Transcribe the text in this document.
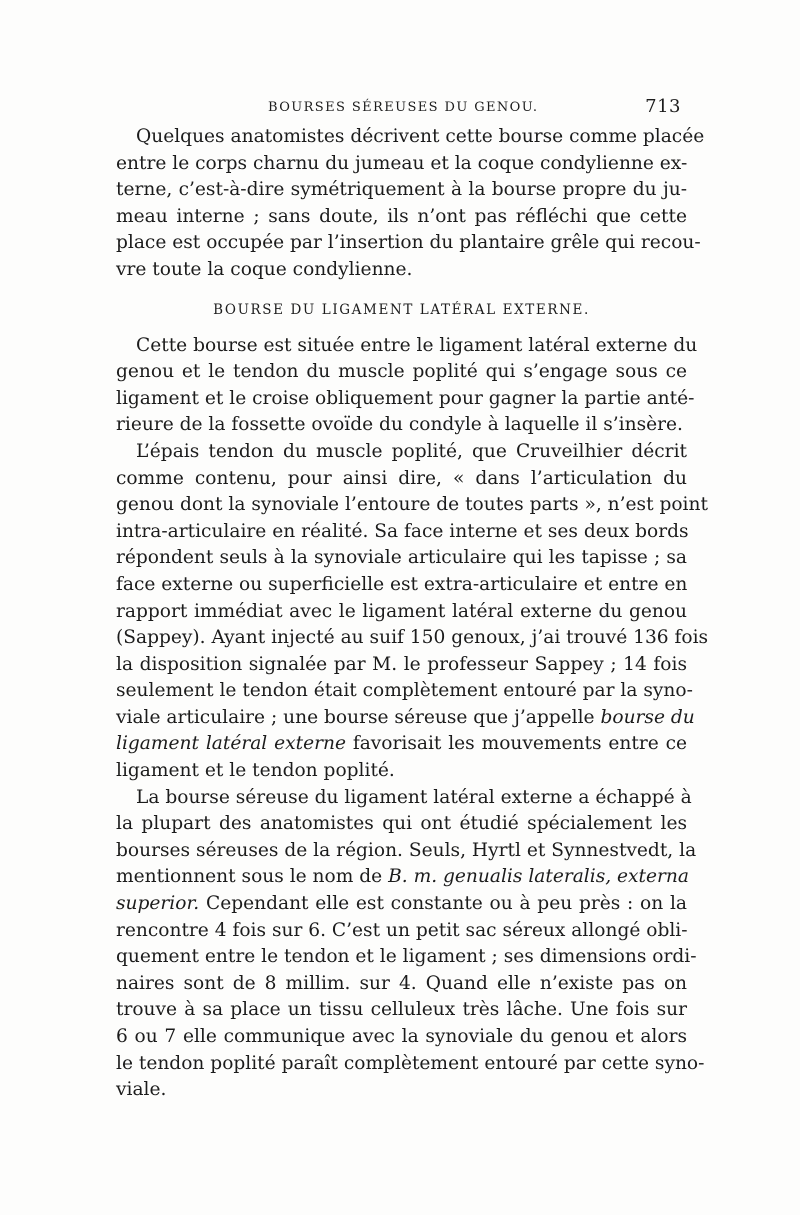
BOURSES SÉREUSES DU GENOU.	713

Quelques anatomistes décrivent cette bourse comme placée
entre le corps charnu du jumeau et la coque condylienne ex-
terne, c’est-à-dire symétriquement à la bourse propre du ju-
meau interne ; sans doute, ils n’ont pas réfléchi que cette
place est occupée par l’insertion du plantaire grêle qui recou-
vre toute la coque condylienne.

BOURSE DU LIGAMENT LATÉRAL EXTERNE.

Cette bourse est située entre le ligament latéral externe du
genou et le tendon du muscle poplité qui s’engage sous ce
ligament et le croise obliquement pour gagner la partie anté-
rieure de la fossette ovoïde du condyle à laquelle il s’insère.

L’épais tendon du muscle poplité, que Cruveilhier décrit
comme contenu, pour ainsi dire, « dans l’articulation du
genou dont la synoviale l’entoure de toutes parts », n’est point
intra-articulaire en réalité. Sa face interne et ses deux bords
répondent seuls à la synoviale articulaire qui les tapisse ; sa
face externe ou superficielle est extra-articulaire et entre en
rapport immédiat avec le ligament latéral externe du genou
(Sappey). Ayant injecté au suif 150 genoux, j’ai trouvé 136 fois
la disposition signalée par M. le professeur Sappey ; 14 fois
seulement le tendon était complètement entouré par la syno-
viale articulaire ; une bourse séreuse que j’appelle bourse du
ligament latéral externe favorisait les mouvements entre ce
ligament et le tendon poplité.

La bourse séreuse du ligament latéral externe a échappé à
la plupart des anatomistes qui ont étudié spécialement les
bourses séreuses de la région. Seuls, Hyrtl et Synnestvedt, la
mentionnent sous le nom de B. m. genualis lateralis, externa
superior. Cependant elle est constante ou à peu près : on la
rencontre 4 fois sur 6. C’est un petit sac séreux allongé obli-
quement entre le tendon et le ligament ; ses dimensions ordi-
naires sont de 8 millim. sur 4. Quand elle n’existe pas on
trouve à sa place un tissu celluleux très lâche. Une fois sur
6 ou 7 elle communique avec la synoviale du genou et alors
le tendon poplité paraît complètement entouré par cette syno-
viale.
